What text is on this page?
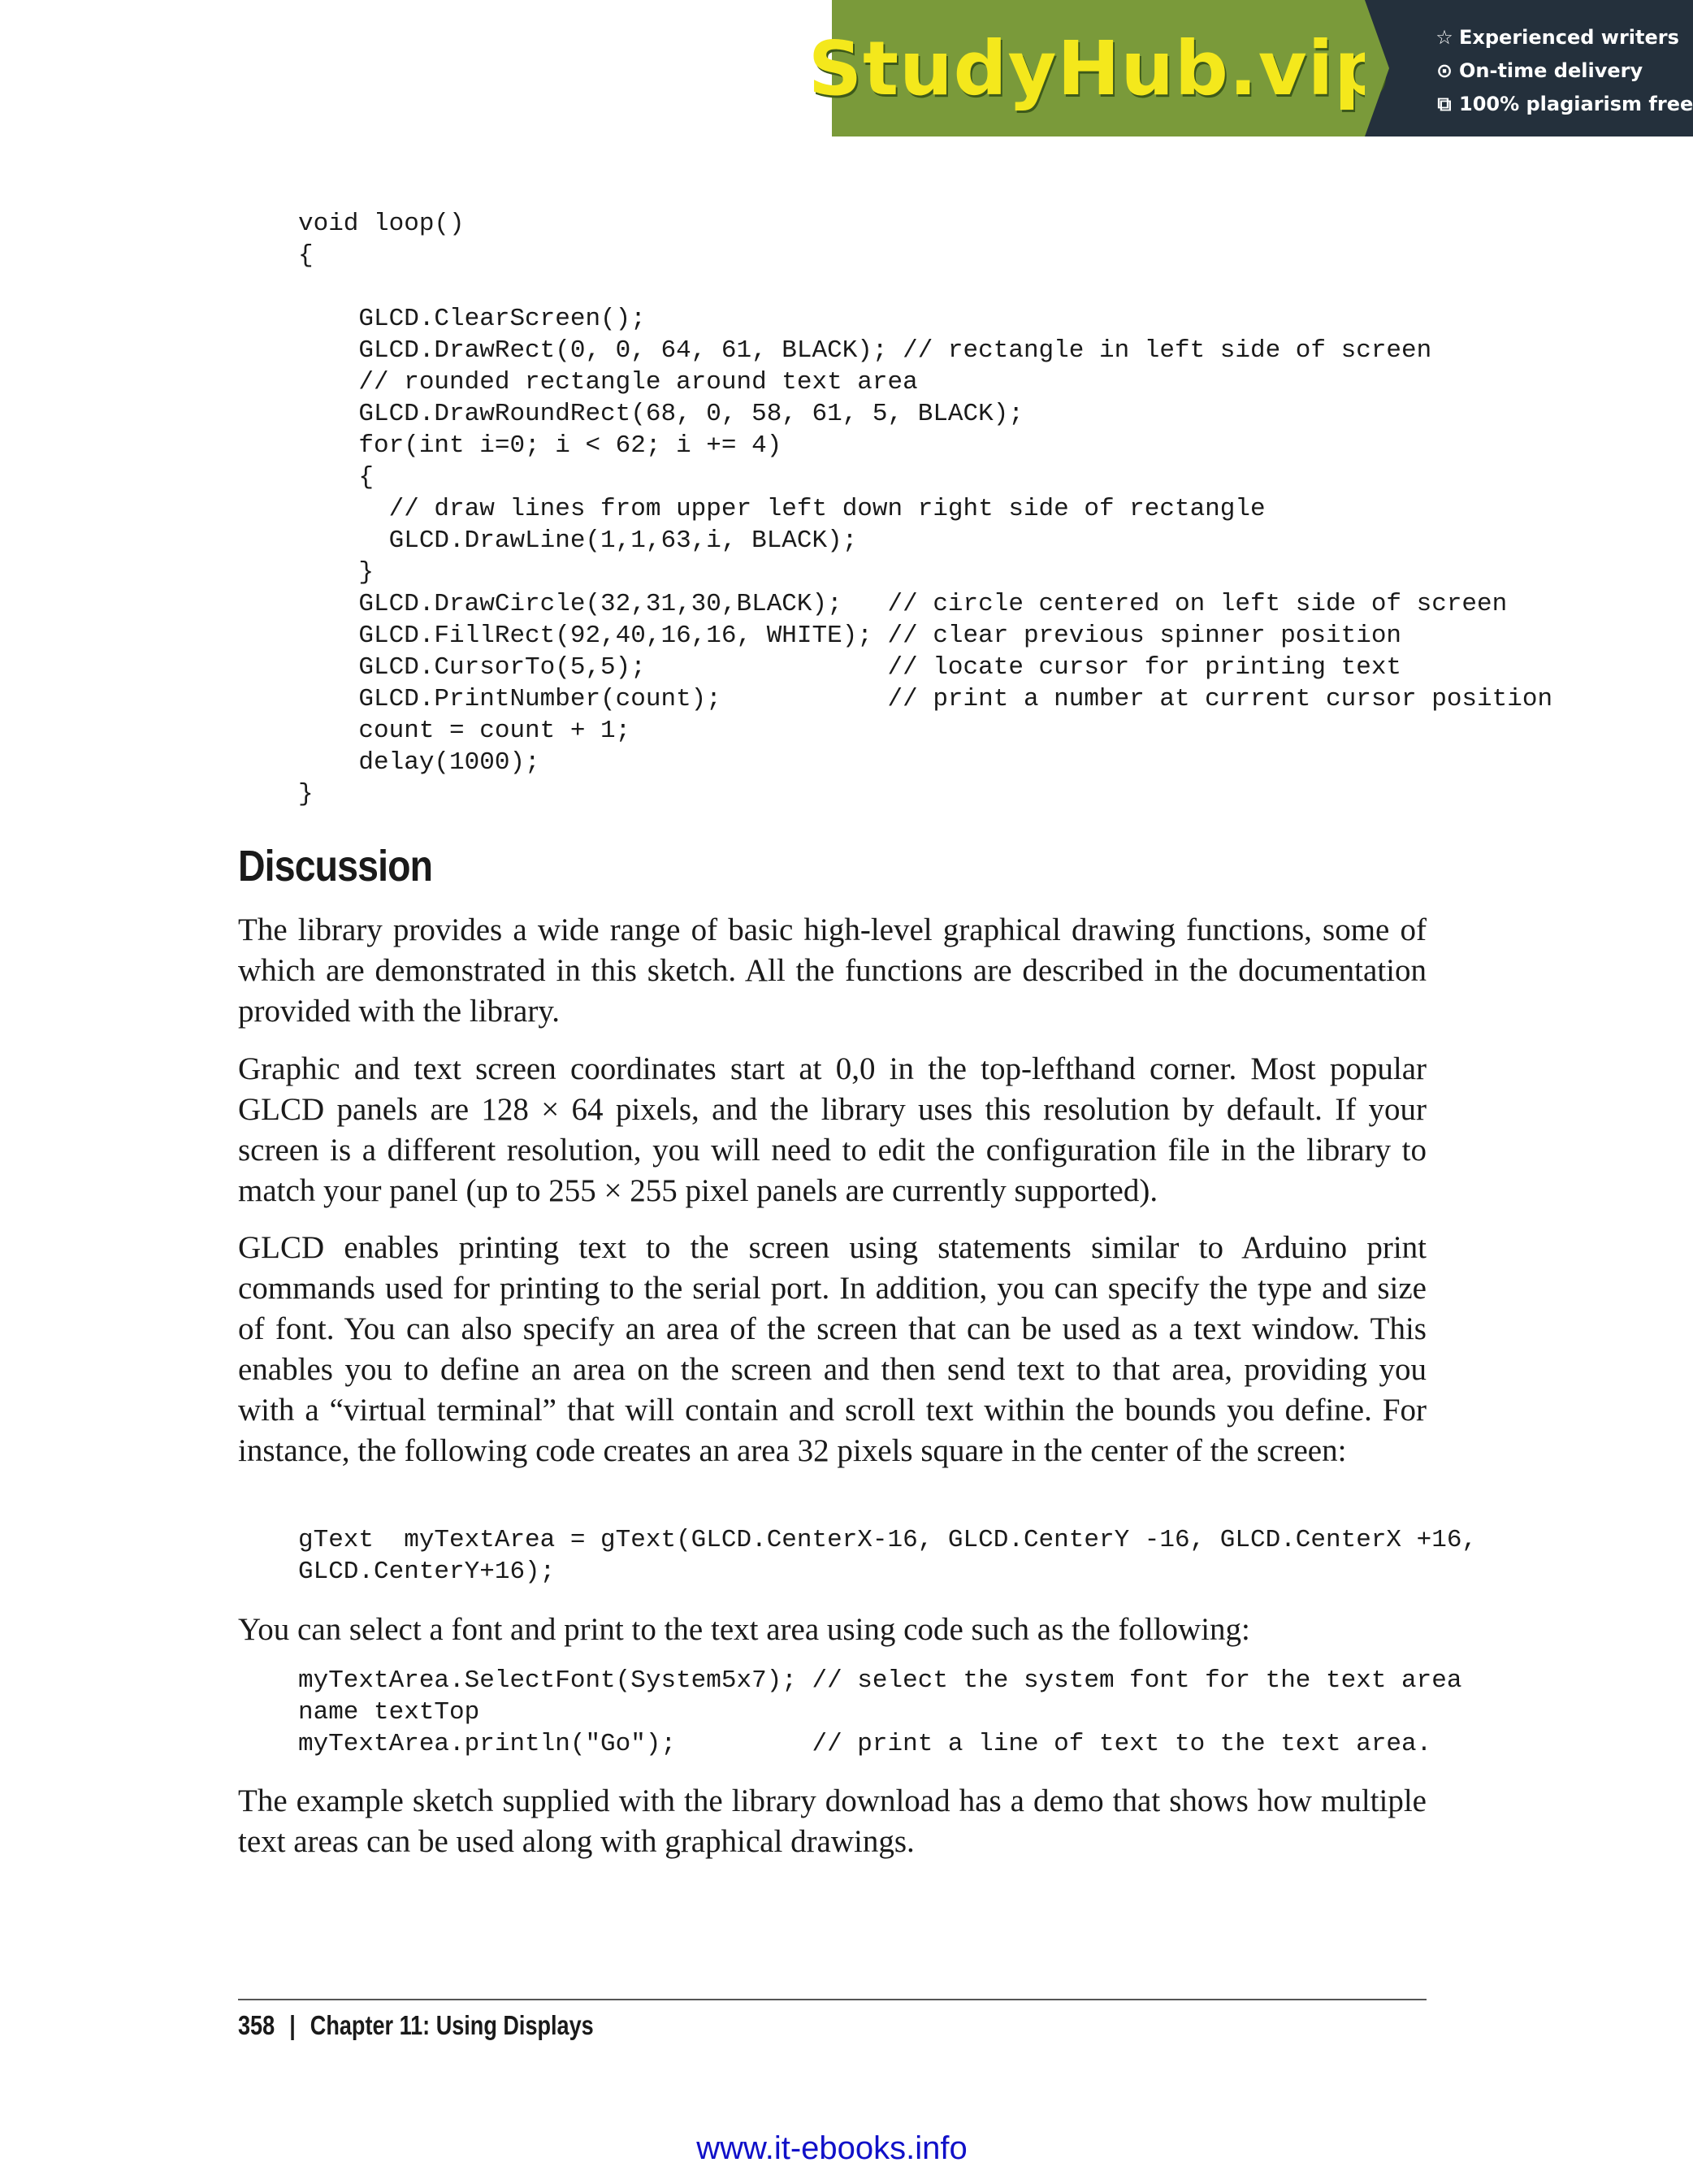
StudyHub.vip ☆ Experienced writers
⊙ On-time delivery
⧉ 100% plagiarism free
void loop()
{
GLCD.ClearScreen();
GLCD.DrawRect(0, 0, 64, 61, BLACK); // rectangle in left side of screen
// rounded rectangle around text area
GLCD.DrawRoundRect(68, 0, 58, 61, 5, BLACK);
for(int i=0; i < 62; i += 4)
{
// draw lines from upper left down right side of rectangle
GLCD.DrawLine(1,1,63,i, BLACK);
}
GLCD.DrawCircle(32,31,30,BLACK);   // circle centered on left side of screen
GLCD.FillRect(92,40,16,16, WHITE); // clear previous spinner position
GLCD.CursorTo(5,5);                // locate cursor for printing text
GLCD.PrintNumber(count);           // print a number at current cursor position
count = count + 1;
delay(1000);
}
Discussion

The library provides a wide range of basic high-level graphical drawing functions, some of which are demonstrated in this sketch. All the functions are described in the documentation provided with the library.

Graphic and text screen coordinates start at 0,0 in the top-lefthand corner. Most popular GLCD panels are 128 × 64 pixels, and the library uses this resolution by default. If your screen is a different resolution, you will need to edit the configuration file in the library to match your panel (up to 255 × 255 pixel panels are currently supported).

GLCD enables printing text to the screen using statements similar to Arduino print commands used for printing to the serial port. In addition, you can specify the type and size of font. You can also specify an area of the screen that can be used as a text window. This enables you to define an area on the screen and then send text to that area, providing you with a “virtual terminal” that will contain and scroll text within the bounds you define. For instance, the following code creates an area 32 pixels square in the center of the screen:

gText  myTextArea = gText(GLCD.CenterX-16, GLCD.CenterY -16, GLCD.CenterX +16,
GLCD.CenterY+16);

You can select a font and print to the text area using code such as the following:

myTextArea.SelectFont(System5x7); // select the system font for the text area
name textTop
myTextArea.println("Go");         // print a line of text to the text area.

The example sketch supplied with the library download has a demo that shows how multiple text areas can be used along with graphical drawings.

358 | Chapter 11: Using Displays
www.it-ebooks.info
